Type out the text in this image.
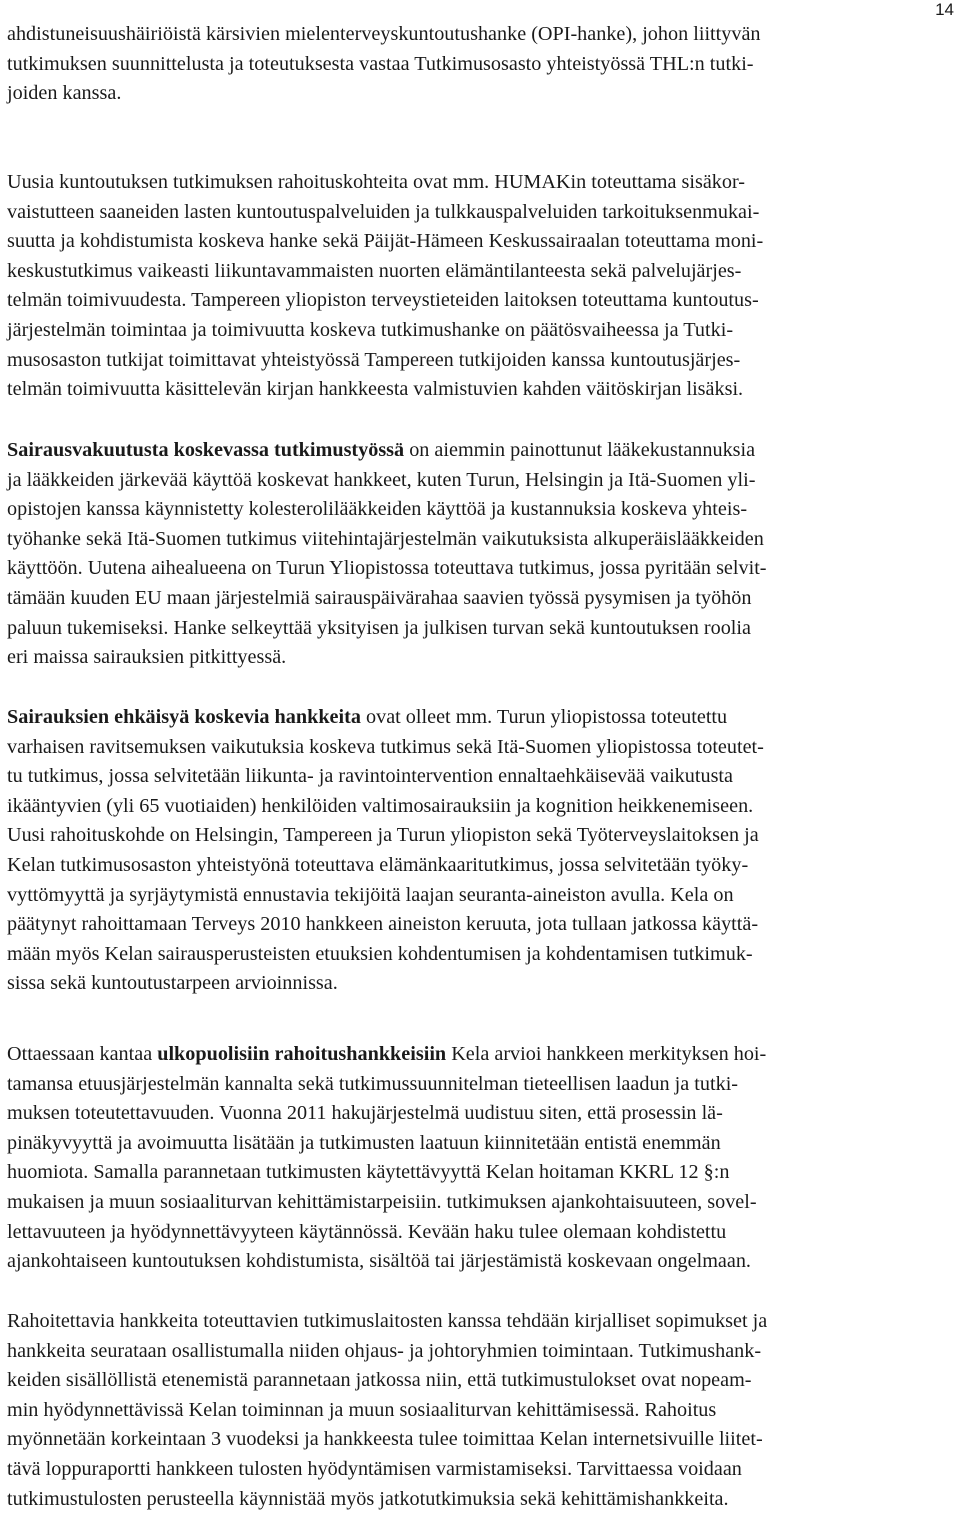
14
ahdistuneisuushäiriöistä kärsivien mielenterveyskuntoutushanke (OPI-hanke), johon liittyvän
tutkimuksen suunnittelusta ja toteutuksesta vastaa Tutkimusosasto yhteistyössä THL:n tutki-
joiden kanssa.
Uusia kuntoutuksen tutkimuksen rahoituskohteita ovat mm. HUMAKin toteuttama sisäkor-
vaistutteen saaneiden lasten kuntoutuspalveluiden ja tulkkauspalveluiden tarkoituksenmukai-
suutta ja kohdistumista koskeva hanke sekä Päijät-Hämeen Keskussairaalan toteuttama moni-
keskustutkimus vaikeasti liikuntavammaisten nuorten elämäntilanteesta sekä palvelujärjes-
telmän toimivuudesta. Tampereen yliopiston terveystieteiden laitoksen toteuttama kuntoutus-
järjestelmän toimintaa ja toimivuutta koskeva tutkimushanke on päätösvaiheessa ja Tutki-
musosaston tutkijat toimittavat yhteistyössä Tampereen tutkijoiden kanssa kuntoutusjärjes-
telmän toimivuutta käsittelevän kirjan hankkeesta valmistuvien kahden väitöskirjan lisäksi.
Sairausvakuutusta koskevassa tutkimustyössä on aiemmin painottunut lääkekustannuksia
ja lääkkeiden järkevää käyttöä koskevat hankkeet, kuten Turun, Helsingin ja Itä-Suomen yli-
opistojen kanssa käynnistetty kolesterolilääkkeiden käyttöä ja kustannuksia koskeva yhteis-
työhanke sekä Itä-Suomen tutkimus viitehintajärjestelmän vaikutuksista alkuperäislääkkeiden
käyttöön. Uutena aihealueena on Turun Yliopistossa toteuttava tutkimus, jossa pyritään selvit-
tämään kuuden EU maan järjestelmiä sairauspäivärahaa saavien työssä pysymisen ja työhön
paluun tukemiseksi. Hanke selkeyttää yksityisen ja julkisen turvan sekä kuntoutuksen roolia
eri maissa sairauksien pitkittyessä.
Sairauksien ehkäisyä koskevia hankkeita ovat olleet mm. Turun yliopistossa toteutettu
varhaisen ravitsemuksen vaikutuksia koskeva tutkimus sekä Itä-Suomen yliopistossa toteutet-
tu tutkimus, jossa selvitetään liikunta- ja ravintointervention ennaltaehkäisevää vaikutusta
ikääntyvien (yli 65 vuotiaiden) henkilöiden valtimosairauksiin ja kognition heikkenemiseen.
Uusi rahoituskohde on Helsingin, Tampereen ja Turun yliopiston sekä Työterveyslaitoksen ja
Kelan tutkimusosaston yhteistyönä toteuttava elämänkaaritutkimus, jossa selvitetään työky-
vyttömyyttä ja syrjäytymistä ennustavia tekijöitä laajan seuranta-aineiston avulla. Kela on
päätynyt rahoittamaan Terveys 2010 hankkeen aineiston keruuta, jota tullaan jatkossa käyttä-
mään myös Kelan sairausperusteisten etuuksien kohdentumisen ja kohdentamisen tutkimuk-
sissa sekä kuntoutustarpeen arvioinnissa.
Ottaessaan kantaa ulkopuolisiin rahoitushankkeisiin Kela arvioi hankkeen merkityksen hoi-
tamansa etuusjärjestelmän kannalta sekä tutkimussuunnitelman tieteellisen laadun ja tutki-
muksen toteutettavuuden. Vuonna 2011 hakujärjestelmä uudistuu siten, että prosessin lä-
pinäkyvyyttä ja avoimuutta lisätään ja tutkimusten laatuun kiinnitetään entistä enemmän
huomiota. Samalla parannetaan tutkimusten käytettävyyttä Kelan hoitaman KKRL 12 §:n
mukaisen ja muun sosiaaliturvan kehittämistarpeisiin. tutkimuksen ajankohtaisuuteen, sovel-
lettavuuteen ja hyödynnettävyyteen käytännössä. Kevään haku tulee olemaan kohdistettu
ajankohtaiseen kuntoutuksen kohdistumista, sisältöä tai järjestämistä koskevaan ongelmaan.
Rahoitettavia hankkeita toteuttavien tutkimuslaitosten kanssa tehdään kirjalliset sopimukset ja
hankkeita seurataan osallistumalla niiden ohjaus- ja johtoryhmien toimintaan. Tutkimushank-
keiden sisällöllistä etenemistä parannetaan jatkossa niin, että tutkimustulokset ovat nopeam-
min hyödynnettävissä Kelan toiminnan ja muun sosiaaliturvan kehittämisessä. Rahoitus
myönnetään korkeintaan 3 vuodeksi ja hankkeesta tulee toimittaa Kelan internetsivuille liitet-
tävä loppuraportti hankkeen tulosten hyödyntämisen varmistamiseksi. Tarvittaessa voidaan
tutkimustulosten perusteella käynnistää myös jatkotutkimuksia sekä kehittämishankkeita.
